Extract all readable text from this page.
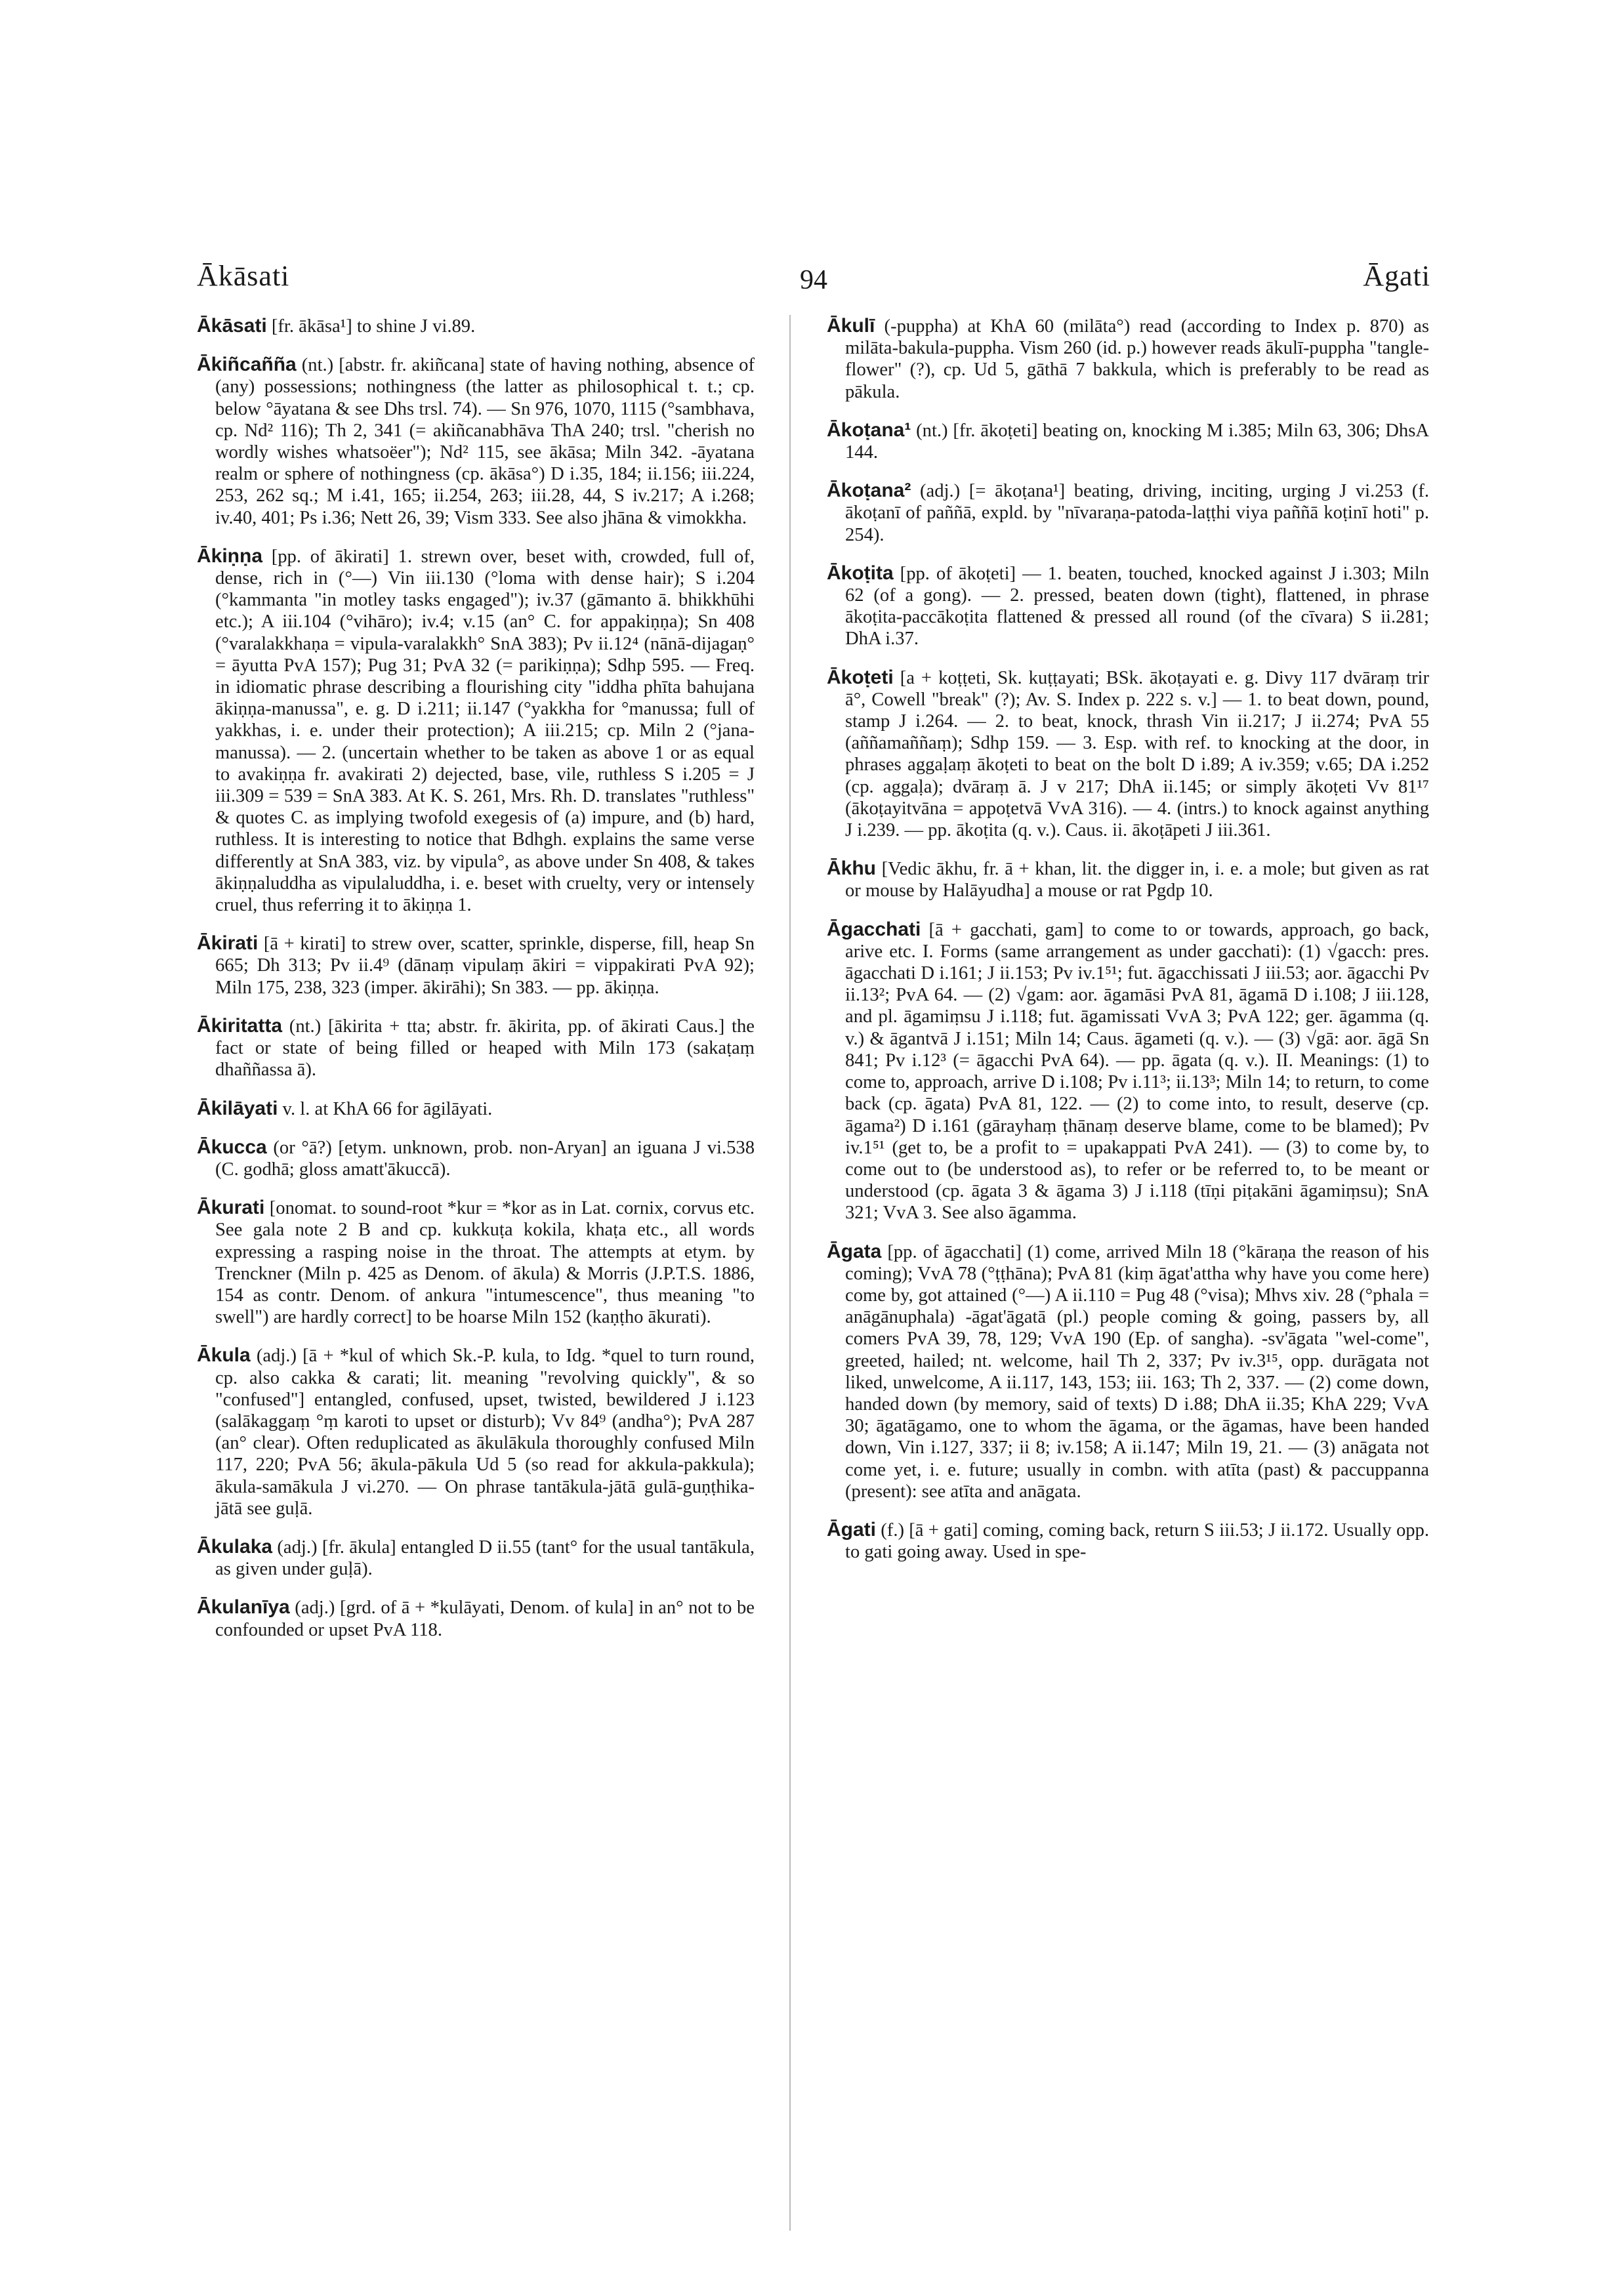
Ākāsati	94	Āgati

Ākāsati [fr. ākāsa¹] to shine J vi.89.

Ākiñcañña (nt.) [abstr. fr. akiñcana] state of having nothing, absence of (any) possessions; nothingness (the latter as philosophical t. t.; cp. below °āyatana & see Dhs trsl. 74). — Sn 976, 1070, 1115 (°sambhava, cp. Nd² 116); Th 2, 341 (= akiñcanabhāva ThA 240; trsl. "cherish no wordly wishes whatsoëer"); Nd² 115, see ākāsa; Miln 342. -āyatana realm or sphere of nothingness (cp. ākāsa°) D i.35, 184; ii.156; iii.224, 253, 262 sq.; M i.41, 165; ii.254, 263; iii.28, 44, S iv.217; A i.268; iv.40, 401; Ps i.36; Nett 26, 39; Vism 333. See also jhāna & vimokkha.

Ākiṇṇa [pp. of ākirati] 1. strewn over, beset with, crowded, full of, dense, rich in (°—) Vin iii.130 (°loma with dense hair); S i.204 (°kammanta "in motley tasks engaged"); iv.37 (gāmanto ā. bhikkhūhi etc.); A iii.104 (°vihāro); iv.4; v.15 (an° C. for appakiṇṇa); Sn 408 (°varalakkhaṇa = vipula-varalakkh° SnA 383); Pv ii.12⁴ (nānā-dijagaṇ° = āyutta PvA 157); Pug 31; PvA 32 (= parikiṇṇa); Sdhp 595. — Freq. in idiomatic phrase describing a flourishing city "iddha phīta bahujana ākiṇṇa-manussa", e. g. D i.211; ii.147 (°yakkha for °manussa; full of yakkhas, i. e. under their protection); A iii.215; cp. Miln 2 (°jana-manussa). — 2. (uncertain whether to be taken as above 1 or as equal to avakiṇṇa fr. avakirati 2) dejected, base, vile, ruthless S i.205 = J iii.309 = 539 = SnA 383. At K. S. 261, Mrs. Rh. D. translates "ruthless" & quotes C. as implying twofold exegesis of (a) impure, and (b) hard, ruthless. It is interesting to notice that Bdhgh. explains the same verse differently at SnA 383, viz. by vipula°, as above under Sn 408, & takes ākiṇṇaluddha as vipulaluddha, i. e. beset with cruelty, very or intensely cruel, thus referring it to ākiṇṇa 1.

Ākirati [ā + kirati] to strew over, scatter, sprinkle, disperse, fill, heap Sn 665; Dh 313; Pv ii.4⁹ (dānaṃ vipulaṃ ākiri = vippakirati PvA 92); Miln 175, 238, 323 (imper. ākirāhi); Sn 383. — pp. ākiṇṇa.

Ākiritatta (nt.) [ākirita + tta; abstr. fr. ākirita, pp. of ākirati Caus.] the fact or state of being filled or heaped with Miln 173 (sakaṭaṃ dhaññassa ā).

Ākilāyati v. l. at KhA 66 for āgilāyati.

Ākucca (or °ā?) [etym. unknown, prob. non-Aryan] an iguana J vi.538 (C. godhā; gloss amatt'ākuccā).

Ākurati [onomat. to sound-root *kur = *kor as in Lat. cornix, corvus etc. See gala note 2 B and cp. kukkuṭa kokila, khaṭa etc., all words expressing a rasping noise in the throat. The attempts at etym. by Trenckner (Miln p. 425 as Denom. of ākula) & Morris (J.P.T.S. 1886, 154 as contr. Denom. of ankura "intumescence", thus meaning "to swell") are hardly correct] to be hoarse Miln 152 (kaṇṭho ākurati).

Ākula (adj.) [ā + *kul of which Sk.-P. kula, to Idg. *quel to turn round, cp. also cakka & carati; lit. meaning "revolving quickly", & so "confused"] entangled, confused, upset, twisted, bewildered J i.123 (salākaggaṃ °ṃ karoti to upset or disturb); Vv 84⁹ (andha°); PvA 287 (an° clear). Often reduplicated as ākulākula thoroughly confused Miln 117, 220; PvA 56; ākula-pākula Ud 5 (so read for akkula-pakkula); ākula-samākula J vi.270. — On phrase tantākula-jātā gulā-guṇṭhika-jātā see guḷā.

Ākulaka (adj.) [fr. ākula] entangled D ii.55 (tant° for the usual tantākula, as given under guḷā).

Ākulanīya (adj.) [grd. of ā + *kulāyati, Denom. of kula] in an° not to be confounded or upset PvA 118.

Ākulī (-puppha) at KhA 60 (milāta°) read (according to Index p. 870) as milāta-bakula-puppha. Vism 260 (id. p.) however reads ākulī-puppha "tangle-flower" (?), cp. Ud 5, gāthā 7 bakkula, which is preferably to be read as pākula.

Ākoṭana¹ (nt.) [fr. ākoṭeti] beating on, knocking M i.385; Miln 63, 306; DhsA 144.

Ākoṭana² (adj.) [= ākoṭana¹] beating, driving, inciting, urging J vi.253 (f. ākoṭanī of paññā, expld. by "nīvaraṇa-patoda-laṭṭhi viya paññā koṭinī hoti" p. 254).

Ākoṭita [pp. of ākoṭeti] — 1. beaten, touched, knocked against J i.303; Miln 62 (of a gong). — 2. pressed, beaten down (tight), flattened, in phrase ākoṭita-paccākoṭita flattened & pressed all round (of the cīvara) S ii.281; DhA i.37.

Ākoṭeti [a + koṭṭeti, Sk. kuṭṭayati; BSk. ākoṭayati e. g. Divy 117 dvāraṃ trir ā°, Cowell "break" (?); Av. S. Index p. 222 s. v.] — 1. to beat down, pound, stamp J i.264. — 2. to beat, knock, thrash Vin ii.217; J ii.274; PvA 55 (aññamaññaṃ); Sdhp 159. — 3. Esp. with ref. to knocking at the door, in phrases aggaḷaṃ ākoṭeti to beat on the bolt D i.89; A iv.359; v.65; DA i.252 (cp. aggaḷa); dvāraṃ ā. J v 217; DhA ii.145; or simply ākoṭeti Vv 81¹⁷ (ākoṭayitvāna = appoṭetvā VvA 316). — 4. (intrs.) to knock against anything J i.239. — pp. ākoṭita (q. v.). Caus. ii. ākoṭāpeti J iii.361.

Ākhu [Vedic ākhu, fr. ā + khan, lit. the digger in, i. e. a mole; but given as rat or mouse by Halāyudha] a mouse or rat Pgdp 10.

Āgacchati [ā + gacchati, gam] to come to or towards, approach, go back, arive etc. I. Forms (same arrangement as under gacchati): (1) √gacch: pres. āgacchati D i.161; J ii.153; Pv iv.1⁵¹; fut. āgacchissati J iii.53; aor. āgacchi Pv ii.13²; PvA 64. — (2) √gam: aor. āgamāsi PvA 81, āgamā D i.108; J iii.128, and pl. āgamiṃsu J i.118; fut. āgamissati VvA 3; PvA 122; ger. āgamma (q. v.) & āgantvā J i.151; Miln 14; Caus. āgameti (q. v.). — (3) √gā: aor. āgā Sn 841; Pv i.12³ (= āgacchi PvA 64). — pp. āgata (q. v.). II. Meanings: (1) to come to, approach, arrive D i.108; Pv i.11³; ii.13³; Miln 14; to return, to come back (cp. āgata) PvA 81, 122. — (2) to come into, to result, deserve (cp. āgama²) D i.161 (gārayhaṃ ṭhānaṃ deserve blame, come to be blamed); Pv iv.1⁵¹ (get to, be a profit to = upakappati PvA 241). — (3) to come by, to come out to (be understood as), to refer or be referred to, to be meant or understood (cp. āgata 3 & āgama 3) J i.118 (tīṇi piṭakāni āgamiṃsu); SnA 321; VvA 3. See also āgamma.

Āgata [pp. of āgacchati] (1) come, arrived Miln 18 (°kāraṇa the reason of his coming); VvA 78 (°ṭṭhāna); PvA 81 (kiṃ āgat'attha why have you come here) come by, got attained (°—) A ii.110 = Pug 48 (°visa); Mhvs xiv. 28 (°phala = anāgānuphala) -āgat'āgatā (pl.) people coming & going, passers by, all comers PvA 39, 78, 129; VvA 190 (Ep. of sangha). -sv'āgata "wel-come", greeted, hailed; nt. welcome, hail Th 2, 337; Pv iv.3¹⁵, opp. durāgata not liked, unwelcome, A ii.117, 143, 153; iii. 163; Th 2, 337. — (2) come down, handed down (by memory, said of texts) D i.88; DhA ii.35; KhA 229; VvA 30; āgatāgamo, one to whom the āgama, or the āgamas, have been handed down, Vin i.127, 337; ii 8; iv.158; A ii.147; Miln 19, 21. — (3) anāgata not come yet, i. e. future; usually in combn. with atīta (past) & paccuppanna (present): see atīta and anāgata.

Āgati (f.) [ā + gati] coming, coming back, return S iii.53; J ii.172. Usually opp. to gati going away. Used in spe-
